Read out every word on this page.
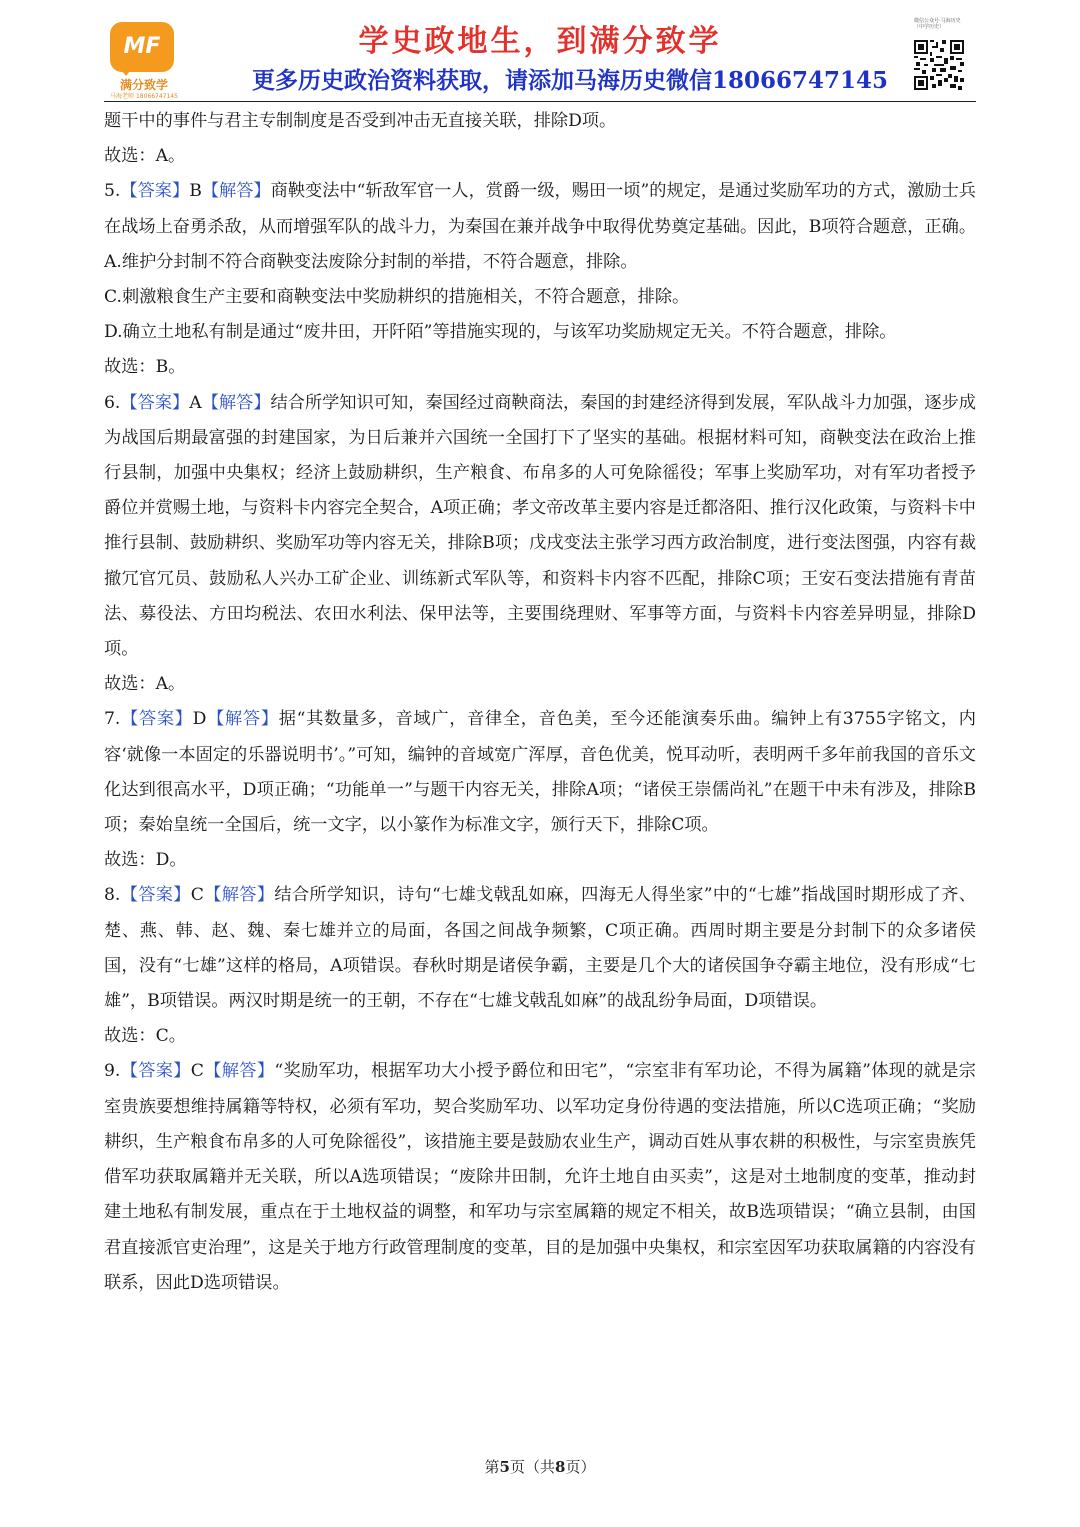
MF
满分致学
马海老师 18066747145
学史政地生，到满分致学
更多历史政治资料获取，请添加马海历史微信18066747145
微信公众号·马海历史（中学历史）

题干中的事件与君主专制制度是否受到冲击无直接关联，排除D项。

故选：A。

5.【答案】B【解答】商鞅变法中“斩敌军官一人，赏爵一级，赐田一顷”的规定，是通过奖励军功的方式，激励士兵在战场上奋勇杀敌，从而增强军队的战斗力，为秦国在兼并战争中取得优势奠定基础。因此，B项符合题意，正确。

A.维护分封制不符合商鞅变法废除分封制的举措，不符合题意，排除。

C.刺激粮食生产主要和商鞅变法中奖励耕织的措施相关，不符合题意，排除。

D.确立土地私有制是通过“废井田，开阡陌”等措施实现的，与该军功奖励规定无关。不符合题意，排除。

故选：B。

6.【答案】A【解答】结合所学知识可知，秦国经过商鞅商法，秦国的封建经济得到发展，军队战斗力加强，逐步成为战国后期最富强的封建国家，为日后兼并六国统一全国打下了坚实的基础。根据材料可知，商鞅变法在政治上推行县制，加强中央集权；经济上鼓励耕织，生产粮食、布帛多的人可免除徭役；军事上奖励军功，对有军功者授予爵位并赏赐土地，与资料卡内容完全契合，A项正确；孝文帝改革主要内容是迁都洛阳、推行汉化政策，与资料卡中推行县制、鼓励耕织、奖励军功等内容无关，排除B项；戊戌变法主张学习西方政治制度，进行变法图强，内容有裁撤冗官冗员、鼓励私人兴办工矿企业、训练新式军队等，和资料卡内容不匹配，排除C项；王安石变法措施有青苗法、募役法、方田均税法、农田水利法、保甲法等，主要围绕理财、军事等方面，与资料卡内容差异明显，排除D项。

故选：A。

7.【答案】D【解答】据“其数量多，音域广，音律全，音色美，至今还能演奏乐曲。编钟上有3755字铭文，内容‘就像一本固定的乐器说明书’。”可知，编钟的音域宽广浑厚，音色优美，悦耳动听，表明两千多年前我国的音乐文化达到很高水平，D项正确；“功能单一”与题干内容无关，排除A项；“诸侯王崇儒尚礼”在题干中未有涉及，排除B项；秦始皇统一全国后，统一文字，以小篆作为标准文字，颁行天下，排除C项。

故选：D。

8.【答案】C【解答】结合所学知识，诗句“七雄戈戟乱如麻，四海无人得坐家”中的“七雄”指战国时期形成了齐、楚、燕、韩、赵、魏、秦七雄并立的局面，各国之间战争频繁，C项正确。西周时期主要是分封制下的众多诸侯国，没有“七雄”这样的格局，A项错误。春秋时期是诸侯争霸，主要是几个大的诸侯国争夺霸主地位，没有形成“七雄”，B项错误。两汉时期是统一的王朝，不存在“七雄戈戟乱如麻”的战乱纷争局面，D项错误。

故选：C。

9.【答案】C【解答】“奖励军功，根据军功大小授予爵位和田宅”，“宗室非有军功论，不得为属籍”体现的就是宗室贵族要想维持属籍等特权，必须有军功，契合奖励军功、以军功定身份待遇的变法措施，所以C选项正确；“奖励耕织，生产粮食布帛多的人可免除徭役”，该措施主要是鼓励农业生产，调动百姓从事农耕的积极性，与宗室贵族凭借军功获取属籍并无关联，所以A选项错误；“废除井田制，允许土地自由买卖”，这是对土地制度的变革，推动封建土地私有制发展，重点在于土地权益的调整，和军功与宗室属籍的规定不相关，故B选项错误；“确立县制，由国君直接派官吏治理”，这是关于地方行政管理制度的变革，目的是加强中央集权，和宗室因军功获取属籍的内容没有联系，因此D选项错误。

第5页（共8页）
